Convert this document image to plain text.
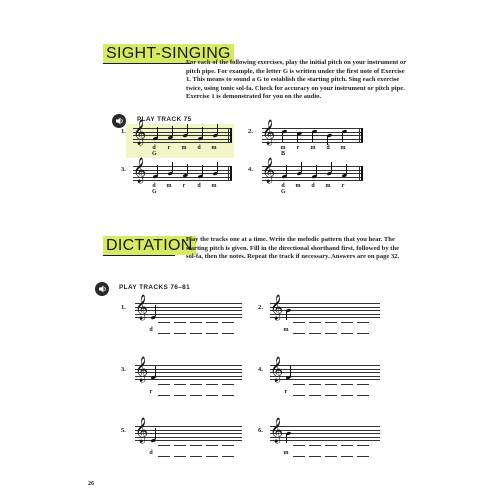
SIGHT-SINGING
For each of the following exercises, play the initial pitch on your instrument or pitch pipe. For example, the letter G is written under the first note of Exercise 1. This means to sound a G to establish the starting pitch. Sing each exercise twice, using tonic sol-fa. Check for accuracy on your instrument or pitch pipe. Exercise 1 is demonstrated for you on the audio.
PLAY TRACK 75
1. 𝄞
d	r	m	d	m
G
2. 𝄞
m	r	m	d	m
B
3. 𝄞
d	m	r	d	m
G
4. 𝄞
d	m	d	m	r
G
DICTATION
Play the tracks one at a time. Write the melodic pattern that you hear. The starting pitch is given. Fill in the directional shorthand first, followed by the sol-fa, then the notes. Repeat the track if necessary. Answers are on page 32.
PLAY TRACKS 76–81
1. 𝄞
d
2. 𝄞
m
3. 𝄞
r
4. 𝄞
r
5. 𝄞
d
6. 𝄞
m
26
